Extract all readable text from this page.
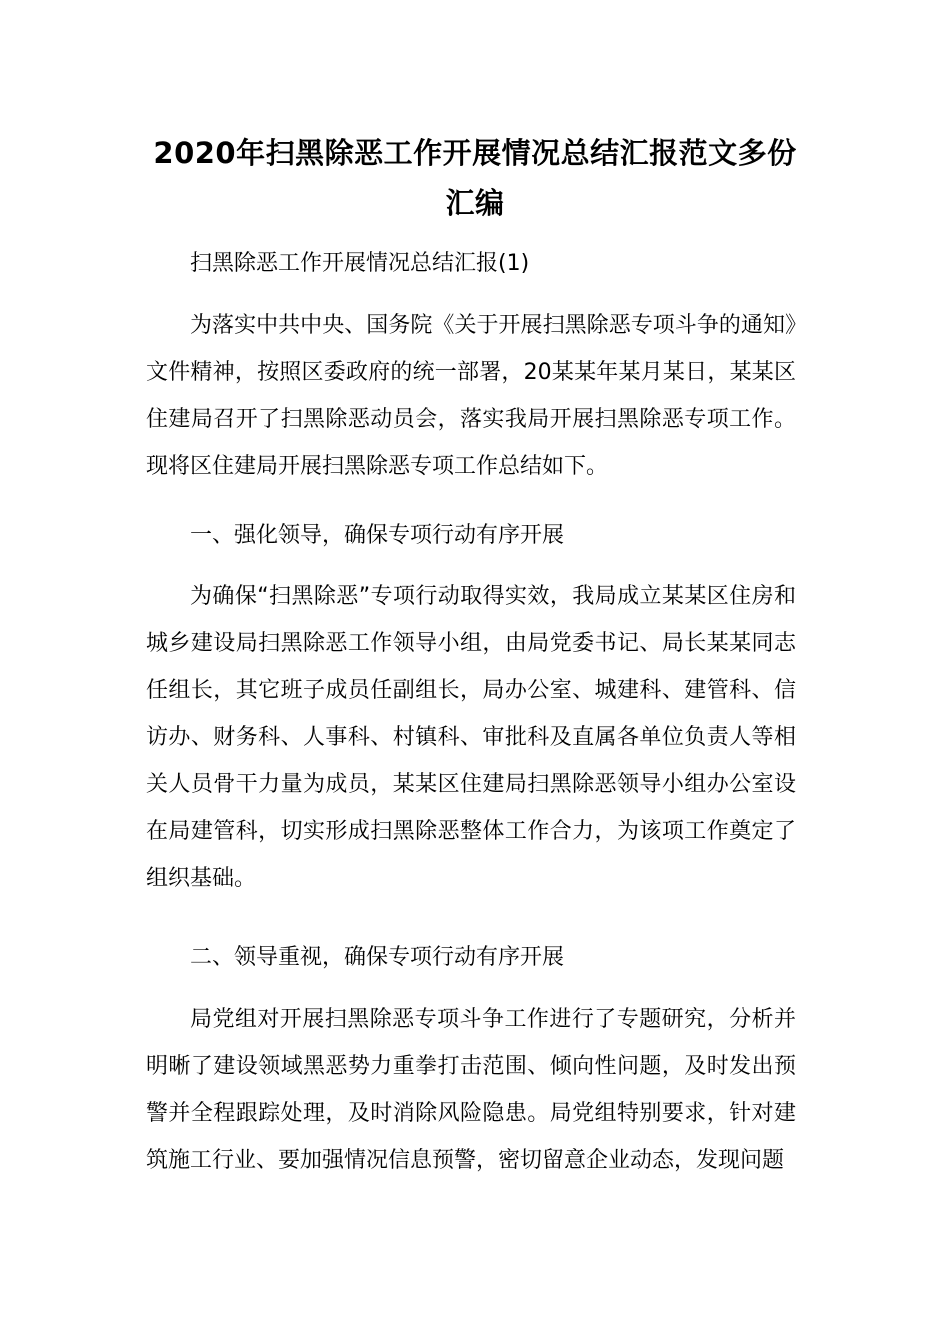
2020年扫黑除恶工作开展情况总结汇报范文多份汇编
扫黑除恶工作开展情况总结汇报(1)
为落实中共中央、国务院《关于开展扫黑除恶专项斗争的通知》文件精神，按照区委政府的统一部署，20某某年某月某日，某某区住建局召开了扫黑除恶动员会，落实我局开展扫黑除恶专项工作。现将区住建局开展扫黑除恶专项工作总结如下。
一、强化领导，确保专项行动有序开展
为确保“扫黑除恶”专项行动取得实效，我局成立某某区住房和城乡建设局扫黑除恶工作领导小组，由局党委书记、局长某某同志任组长，其它班子成员任副组长，局办公室、城建科、建管科、信访办、财务科、人事科、村镇科、审批科及直属各单位负责人等相关人员骨干力量为成员，某某区住建局扫黑除恶领导小组办公室设在局建管科，切实形成扫黑除恶整体工作合力，为该项工作奠定了组织基础。
二、领导重视，确保专项行动有序开展
局党组对开展扫黑除恶专项斗争工作进行了专题研究，分析并明晰了建设领域黑恶势力重拳打击范围、倾向性问题，及时发出预警并全程跟踪处理，及时消除风险隐患。局党组特别要求，针对建筑施工行业、要加强情况信息预警，密切留意企业动态，发现问题
